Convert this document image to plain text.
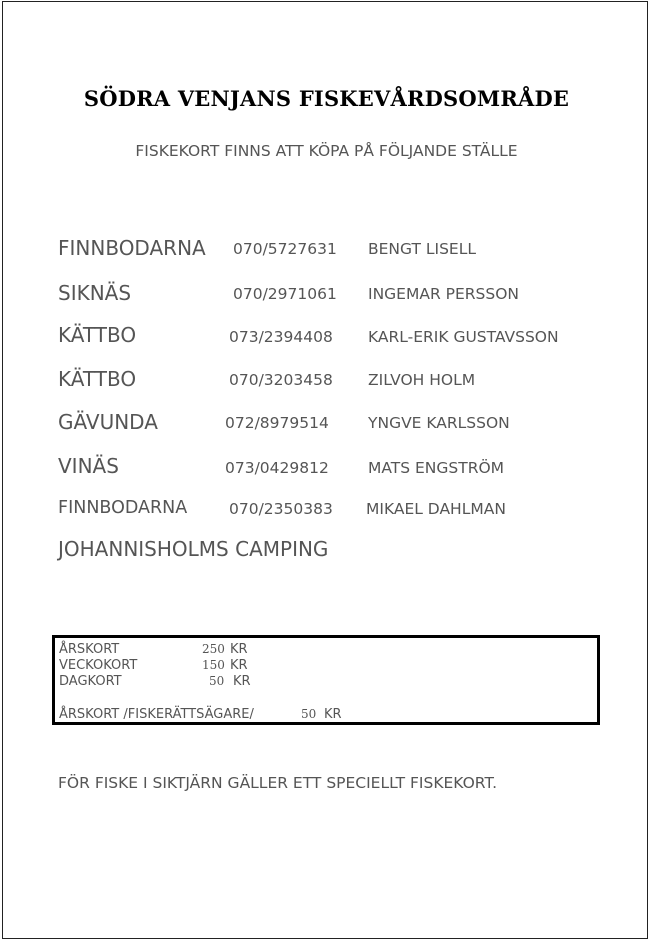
SÖDRA VENJANS FISKEVÅRDSOMRÅDE
FISKEKORT FINNS ATT KÖPA PÅ FÖLJANDE STÄLLE
FINNBODARNA 070/5727631 BENGT LISELL
SIKNÄS	070/2971061 INGEMAR PERSSON
KÄTTBO	073/2394408 KARL-ERIK GUSTAVSSON
KÄTTBO	070/3203458 ZILVOH HOLM
GÄVUNDA	072/8979514	YNGVE KARLSSON
VINÄS	073/0429812	MATS ENGSTRÖM
FINNBODARNA	070/2350383 MIKAEL DAHLMAN
JOHANNISHOLMS CAMPING
ÅRSKORT	250 KR
VECKOKORT	150 KR
DAGKORT	50 KR
ÅRSKORT /FISKERÄTTSÄGARE/	50 KR
FÖR FISKE I SIKTJÄRN GÄLLER ETT SPECIELLT FISKEKORT.
